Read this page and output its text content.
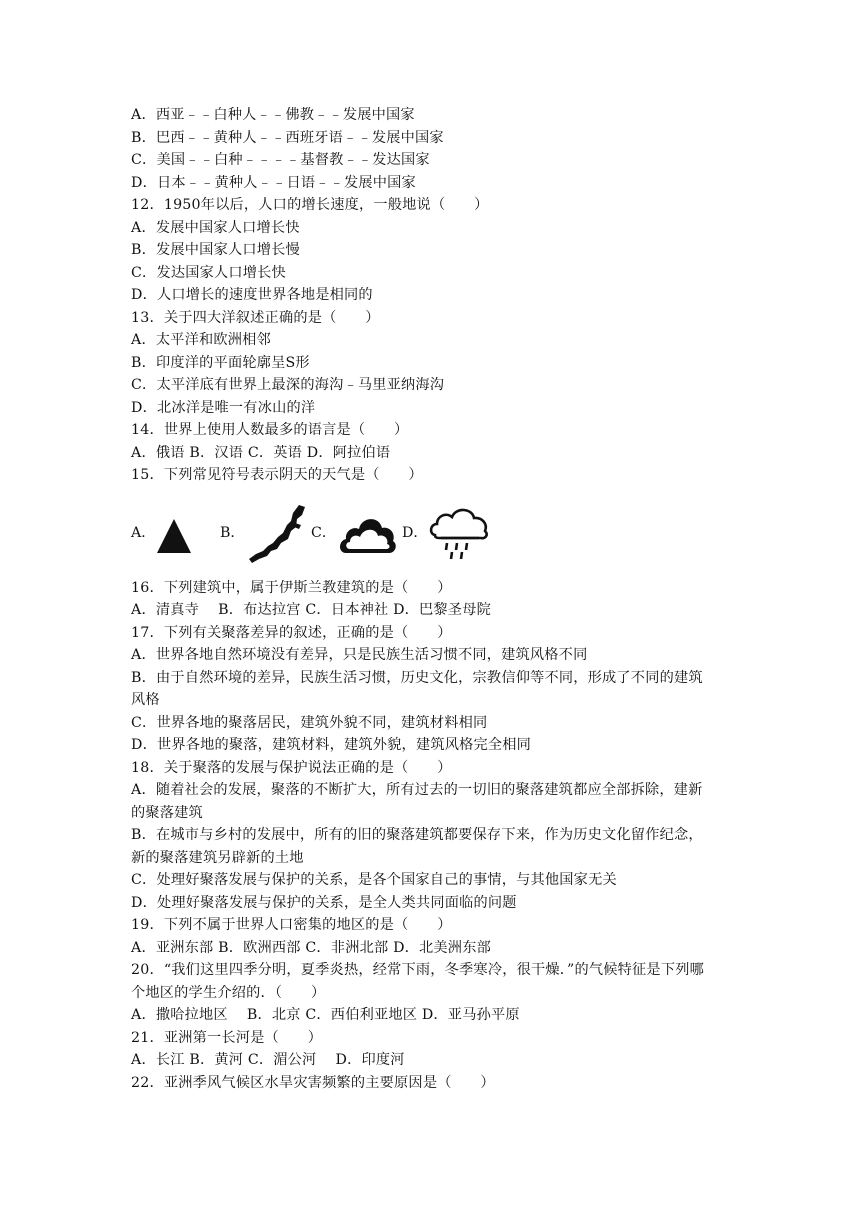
A．西亚﹣﹣白种人﹣﹣佛教﹣﹣发展中国家
B．巴西﹣﹣黄种人﹣﹣西班牙语﹣﹣发展中国家
C．美国﹣﹣白种﹣﹣﹣﹣基督教﹣﹣发达国家
D．日本﹣﹣黄种人﹣﹣日语﹣﹣发展中国家
12．1950年以后，人口的增长速度，一般地说（　　）
A．发展中国家人口增长快
B．发展中国家人口增长慢
C．发达国家人口增长快
D．人口增长的速度世界各地是相同的
13．关于四大洋叙述正确的是（　　）
A．太平洋和欧洲相邻
B．印度洋的平面轮廓呈S形
C．太平洋底有世界上最深的海沟﹣马里亚纳海沟
D．北冰洋是唯一有冰山的洋
14．世界上使用人数最多的语言是（　　）
A．俄语 B．汉语 C．英语 D．阿拉伯语
15．下列常见符号表示阴天的天气是（　　）
A．	B．	C．	D．
16．下列建筑中，属于伊斯兰教建筑的是（　　）
A．清真寺　 B．布达拉宫 C．日本神社 D．巴黎圣母院
17．下列有关聚落差异的叙述，正确的是（　　）
A．世界各地自然环境没有差异，只是民族生活习惯不同，建筑风格不同
B．由于自然环境的差异，民族生活习惯，历史文化，宗教信仰等不同，形成了不同的建筑
风格
C．世界各地的聚落居民，建筑外貌不同，建筑材料相同
D．世界各地的聚落，建筑材料，建筑外貌，建筑风格完全相同
18．关于聚落的发展与保护说法正确的是（　　）
A．随着社会的发展，聚落的不断扩大，所有过去的一切旧的聚落建筑都应全部拆除，建新
的聚落建筑
B．在城市与乡村的发展中，所有的旧的聚落建筑都要保存下来，作为历史文化留作纪念，
新的聚落建筑另辟新的土地
C．处理好聚落发展与保护的关系，是各个国家自己的事情，与其他国家无关
D．处理好聚落发展与保护的关系，是全人类共同面临的问题
19．下列不属于世界人口密集的地区的是（　　）
A．亚洲东部 B．欧洲西部 C．非洲北部 D．北美洲东部
20．“我们这里四季分明，夏季炎热，经常下雨，冬季寒冷，很干燥．”的气候特征是下列哪
个地区的学生介绍的．（　　）
A．撒哈拉地区　 B．北京 C．西伯利亚地区 D．亚马孙平原
21．亚洲第一长河是（　　）
A．长江 B．黄河 C．湄公河　 D．印度河
22．亚洲季风气候区水旱灾害频繁的主要原因是（　　）
